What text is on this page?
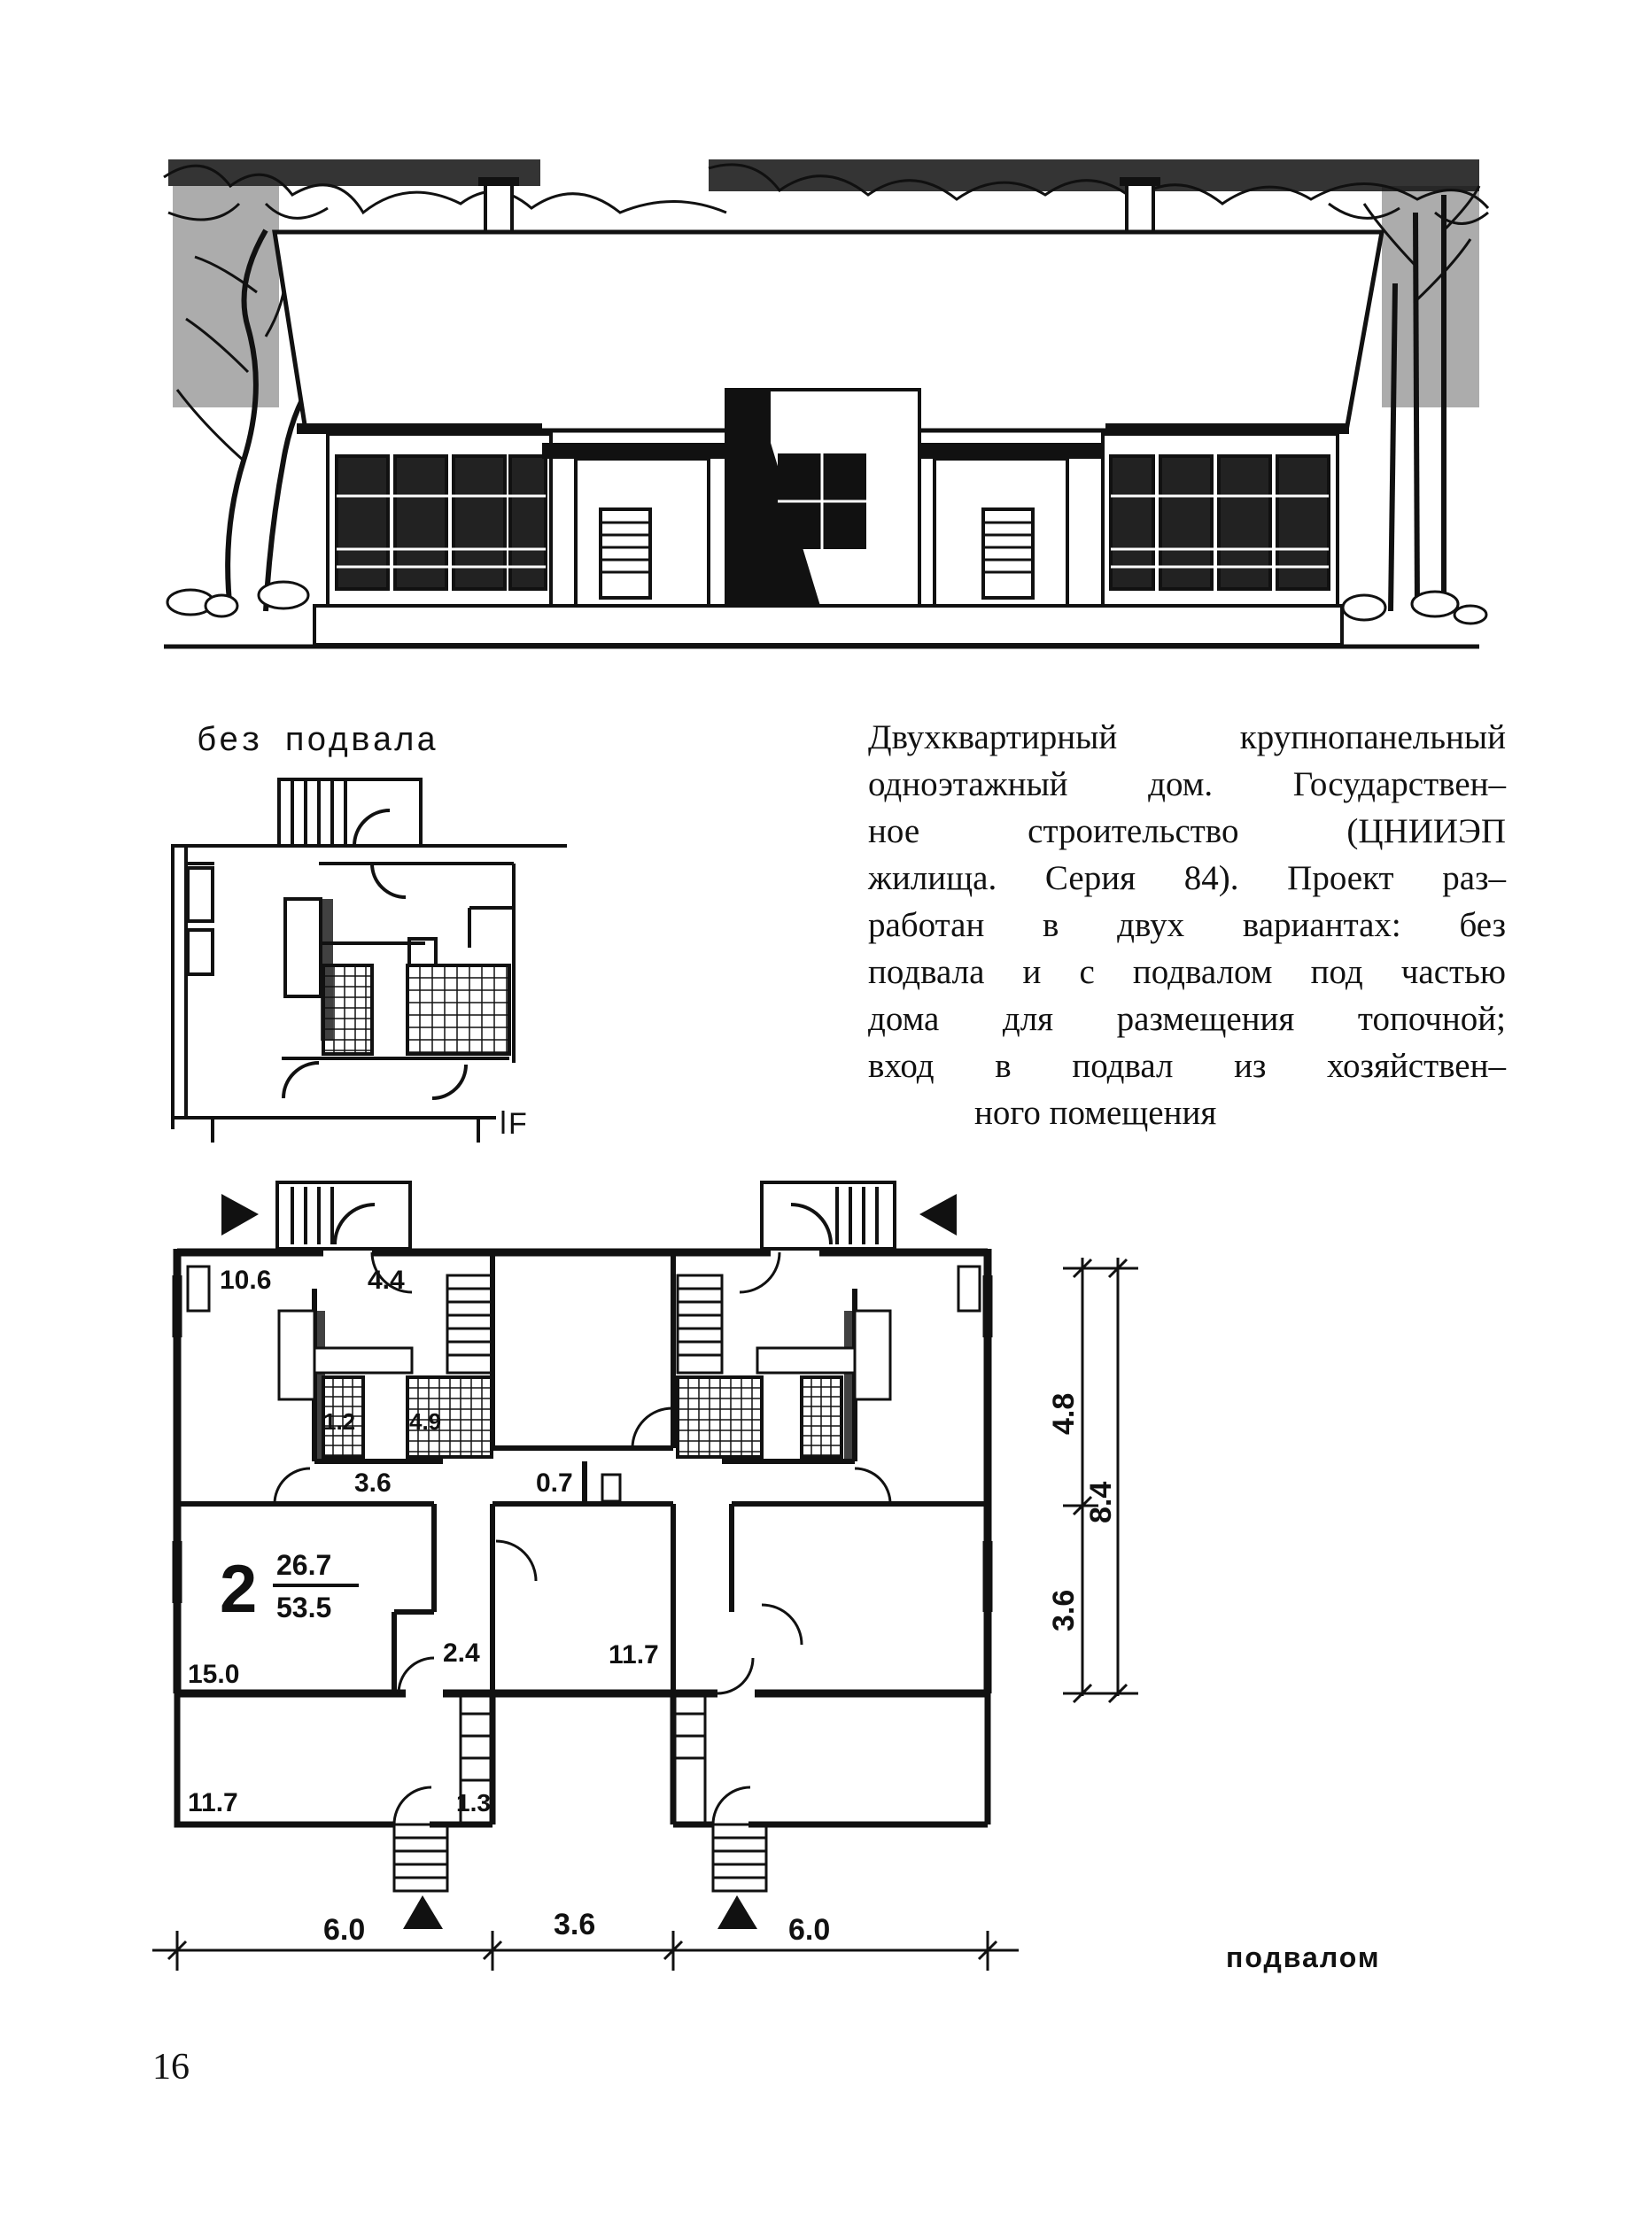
без подвала	Двухквартирный крупнопанельный
одноэтажный дом. Государствен–
ное строительство (ЦНИИЭП
жилища. Серия 84). Проект раз–
работан в двух вариантах: без
подвала и с подвалом под частью
дома для размещения топочной;
вход в подвал из хозяйствен–
ного помещения
F
10.6	4.4
1.2 4.9
3.6	0.7
15.0
2.4	11.7
11.7	1.3
2 26.7
53.5
6.0	3.6	6.0
4.8
3.6
8.4
подвалом
16
